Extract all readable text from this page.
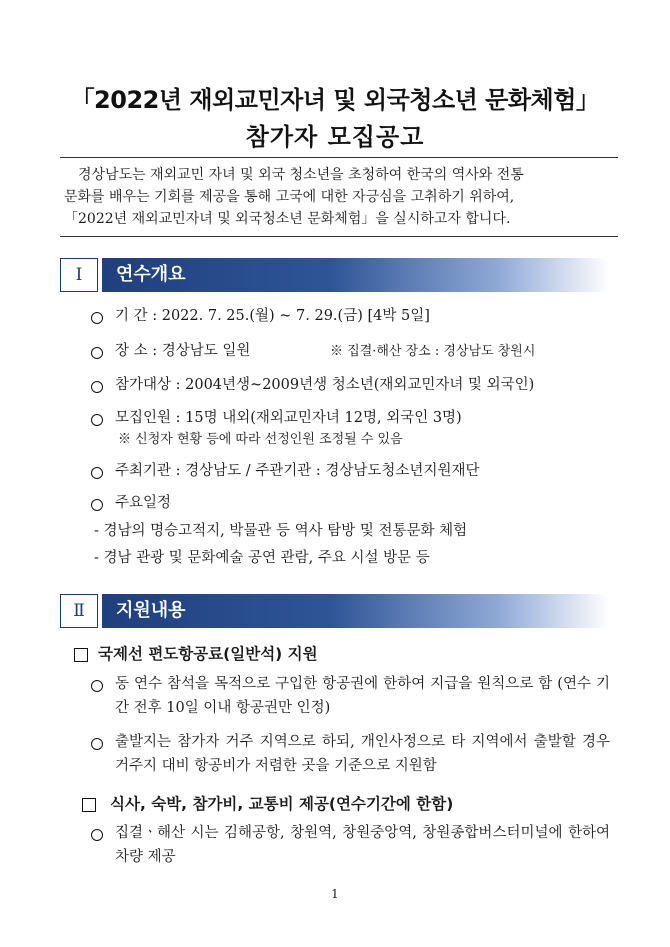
「2022년 재외교민자녀 및 외국청소년 문화체험」
참가자 모집공고

경상남도는 재외교민 자녀 및 외국 청소년을 초청하여 한국의 역사와 전통

문화를 배우는 기회를 제공을 통해 고국에 대한 자긍심을 고취하기 위하여,

「2022년 재외교민자녀 및 외국청소년 문화체험」을 실시하고자 합니다.

Ⅰ	연수개요
기 간 : 2022. 7. 25.(월) ~ 7. 29.(금) [4박 5일]
장 소 : 경상남도 일원	※ 집결·해산 장소 : 경상남도 창원시
참가대상 : 2004년생~2009년생 청소년(재외교민자녀 및 외국인)
모집인원 : 15명 내외(재외교민자녀 12명, 외국인 3명)
※ 신청자 현황 등에 따라 선정인원 조정될 수 있음
주최기관 : 경상남도 / 주관기관 : 경상남도청소년지원재단
주요일정
- 경남의 명승고적지, 박물관 등 역사 탐방 및 전통문화 체험
- 경남 관광 및 문화예술 공연 관람, 주요 시설 방문 등
Ⅱ	지원내용
국제선 편도항공료(일반석) 지원
동 연수 참석을 목적으로 구입한 항공권에 한하여 지급을 원칙으로 함 (연수 기간 전후 10일 이내 항공권만 인정)
출발지는 참가자 거주 지역으로 하되, 개인사정으로 타 지역에서 출발할 경우 거주지 대비 항공비가 저렴한 곳을 기준으로 지원함
식사, 숙박, 참가비, 교통비 제공(연수기간에 한함)
집결ㆍ해산 시는 김해공항, 창원역, 창원중앙역, 창원종합버스터미널에 한하여 차량 제공
1
